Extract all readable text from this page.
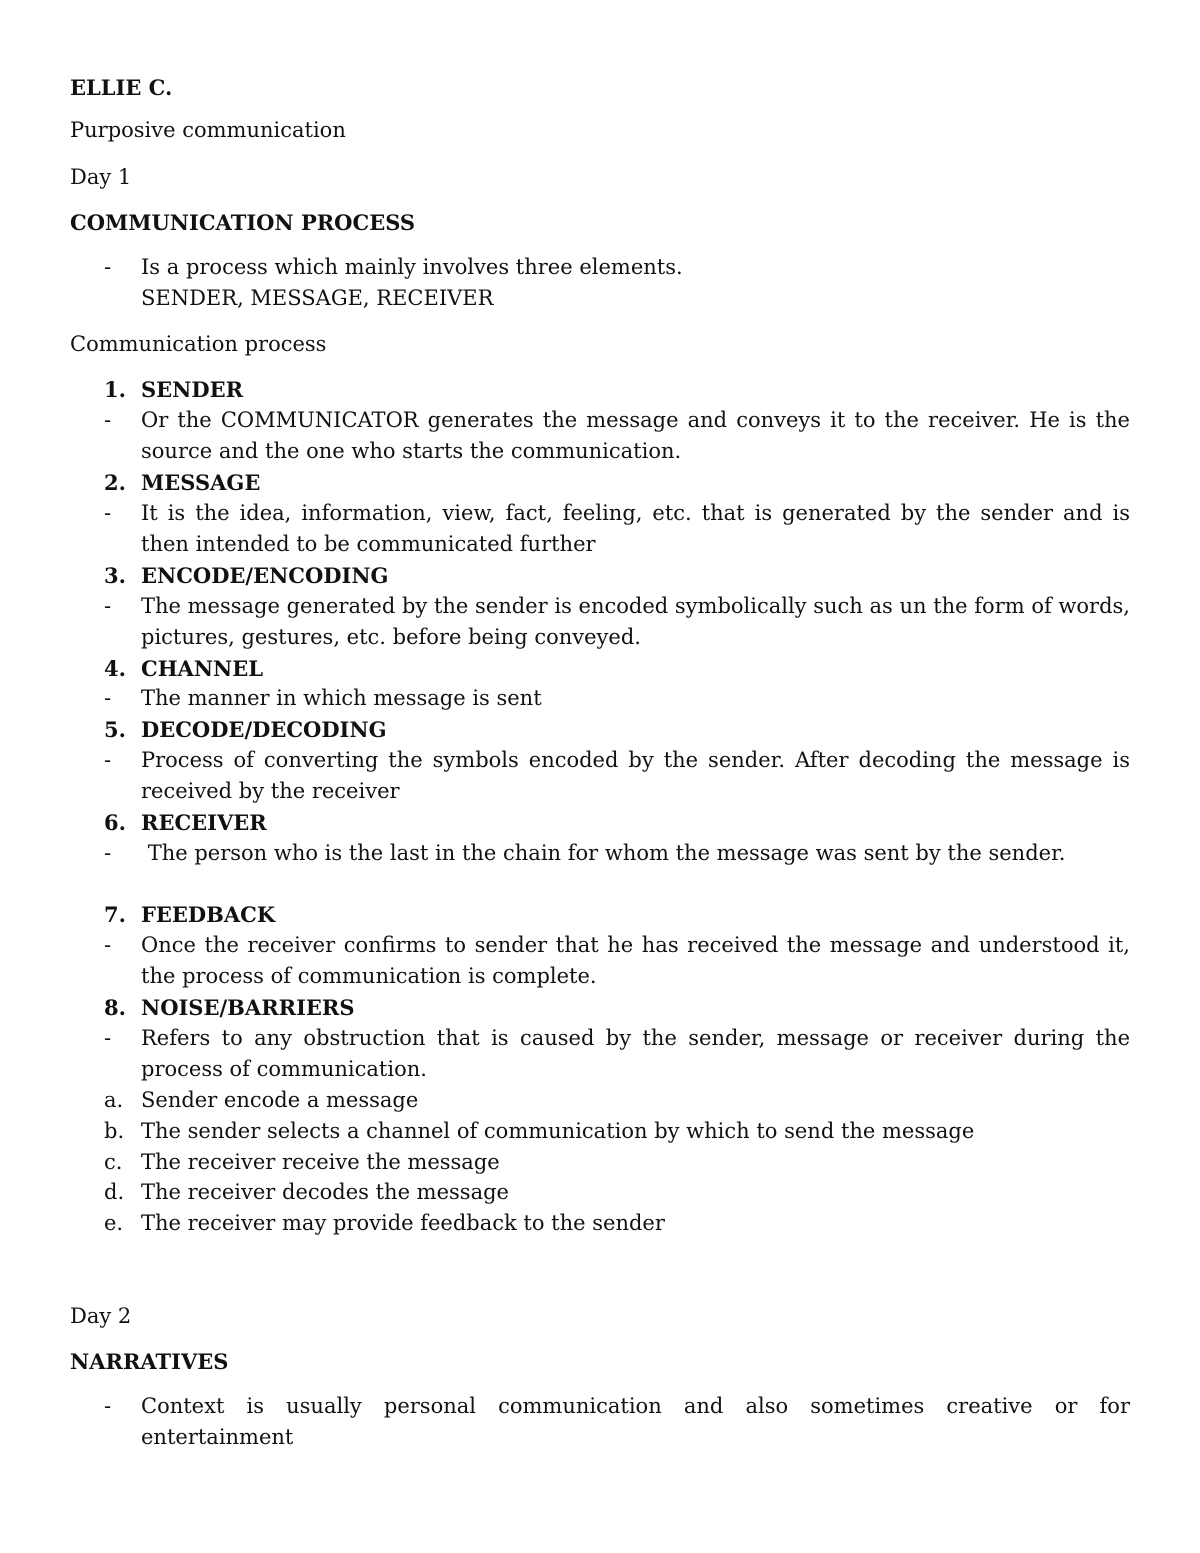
ELLIE C.
Purposive communication
Day 1
COMMUNICATION PROCESS
- Is a process which mainly involves three elements.
SENDER, MESSAGE, RECEIVER
Communication process
1. SENDER
- Or the COMMUNICATOR generates the message and conveys it to the receiver. He is the source and the one who starts the communication.
2. MESSAGE
- It is the idea, information, view, fact, feeling, etc. that is generated by the sender and is then intended to be communicated further
3. ENCODE/ENCODING
- The message generated by the sender is encoded symbolically such as un the form of words, pictures, gestures, etc. before being conveyed.
4. CHANNEL
- The manner in which message is sent
5. DECODE/DECODING
- Process of converting the symbols encoded by the sender. After decoding the message is received by the receiver
6. RECEIVER
- The person who is the last in the chain for whom the message was sent by the sender.
7. FEEDBACK
- Once the receiver confirms to sender that he has received the message and understood it, the process of communication is complete.
8. NOISE/BARRIERS
- Refers to any obstruction that is caused by the sender, message or receiver during the process of communication.
a. Sender encode a message
b. The sender selects a channel of communication by which to send the message
c. The receiver receive the message
d. The receiver decodes the message
e. The receiver may provide feedback to the sender
Day 2
NARRATIVES
- Context is usually personal communication and also sometimes creative or for entertainment
